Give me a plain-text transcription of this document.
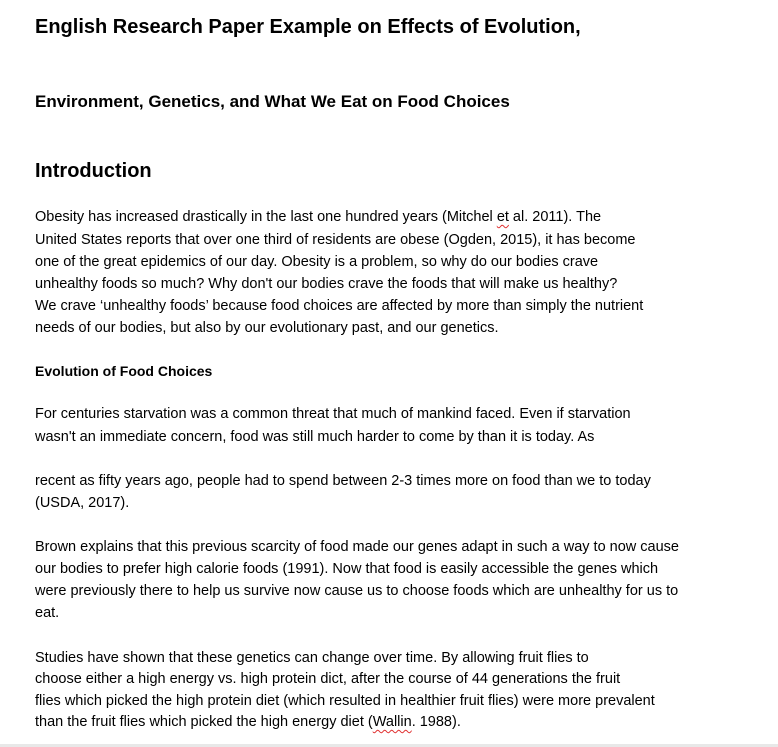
English Research Paper Example on Effects of Evolution,
Environment, Genetics, and What We Eat on Food Choices
Introduction
Obesity has increased drastically in the last one hundred years (Mitchel et al. 2011). The
United States reports that over one third of residents are obese (Ogden, 2015), it has become
one of the great epidemics of our day. Obesity is a problem, so why do our bodies crave
unhealthy foods so much? Why don't our bodies crave the foods that will make us healthy?
We crave ‘unhealthy foods’ because food choices are affected by more than simply the nutrient
needs of our bodies, but also by our evolutionary past, and our genetics.
Evolution of Food Choices
For centuries starvation was a common threat that much of mankind faced. Even if starvation
wasn't an immediate concern, food was still much harder to come by than it is today. As
recent as fifty years ago, people had to spend between 2-3 times more on food than we to today
(USDA, 2017).
Brown explains that this previous scarcity of food made our genes adapt in such a way to now cause
our bodies to prefer high calorie foods (1991). Now that food is easily accessible the genes which
were previously there to help us survive now cause us to choose foods which are unhealthy for us to
eat.
Studies have shown that these genetics can change over time. By allowing fruit flies to
choose either a high energy vs. high protein dict, after the course of 44 generations the fruit
flies which picked the high protein diet (which resulted in healthier fruit flies) were more prevalent
than the fruit flies which picked the high energy diet (Wallin. 1988).
